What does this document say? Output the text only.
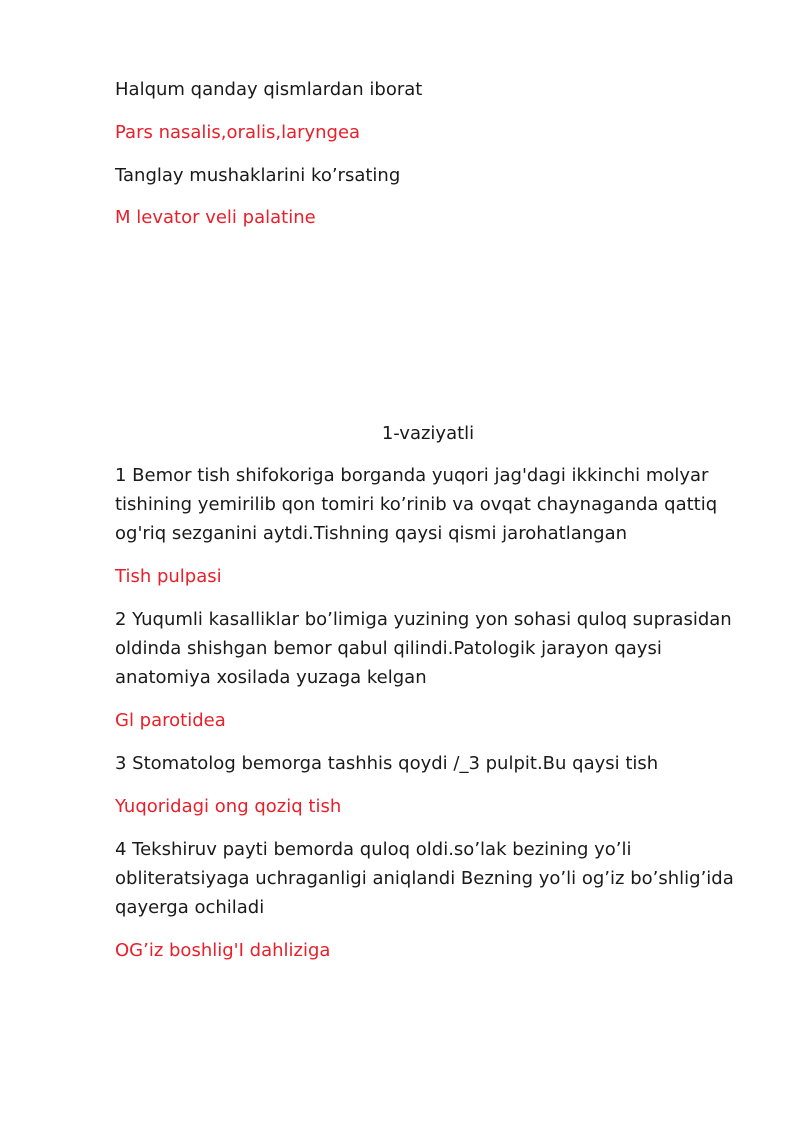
Halqum qanday qismlardan iborat
Pars nasalis,oralis,laryngea
Tanglay mushaklarini ko’rsating
M levator veli palatine
1-vaziyatli
1 Bemor tish shifokoriga borganda yuqori jag'dagi ikkinchi molyar tishining yemirilib qon tomiri ko’rinib va ovqat chaynaganda qattiq og'riq sezganini aytdi.Tishning qaysi qismi jarohatlangan
Tish pulpasi
2 Yuqumli kasalliklar bo’limiga yuzining yon sohasi quloq suprasidan oldinda shishgan bemor qabul qilindi.Patologik jarayon qaysi anatomiya xosilada yuzaga kelgan
Gl parotidea
3 Stomatolog bemorga tashhis qoydi /_3 pulpit.Bu qaysi tish
Yuqoridagi ong qoziq tish
4 Tekshiruv payti bemorda quloq oldi.so’lak bezining yo’li obliteratsiyaga uchraganligi aniqlandi Bezning yo’li og’iz bo’shlig’ida qayerga ochiladi
OG’iz boshlig'I dahliziga
